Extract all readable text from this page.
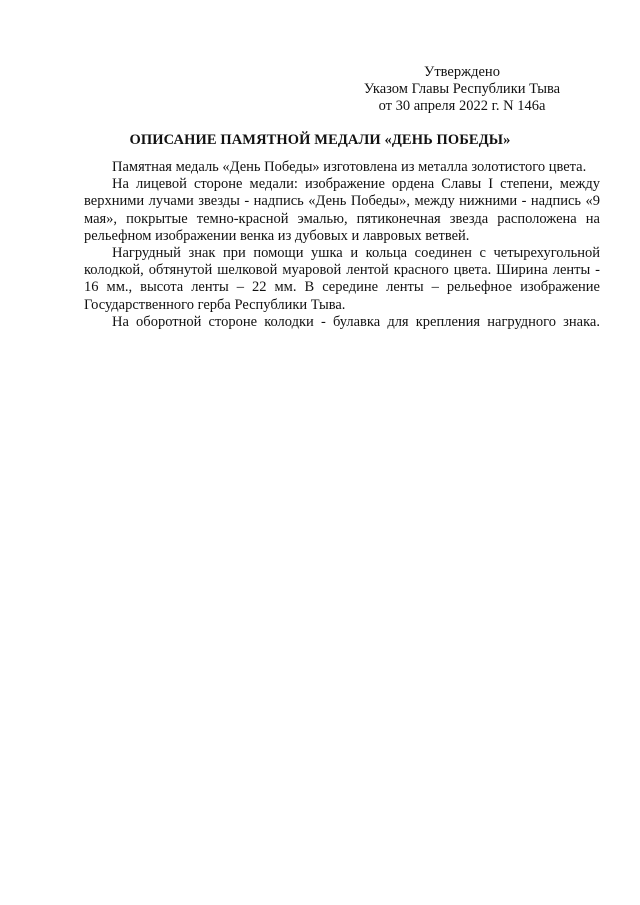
Утверждено
Указом Главы Республики Тыва
от 30 апреля 2022 г. N 146а
ОПИСАНИЕ ПАМЯТНОЙ МЕДАЛИ «ДЕНЬ ПОБЕДЫ»

Памятная медаль «День Победы» изготовлена из металла золотистого цвета.

На лицевой стороне медали: изображение ордена Славы I степени, между верхними лучами звезды - надпись «День Победы», между нижними - надпись «9 мая», покрытые темно-красной эмалью, пятиконечная звезда расположена на рельефном изображении венка из дубовых и лавровых ветвей.

Нагрудный знак при помощи ушка и кольца соединен с четырехугольной колодкой, обтянутой шелковой муаровой лентой красного цвета. Ширина ленты - 16 мм., высота ленты – 22 мм. В середине ленты – рельефное изображение Государственного герба Республики Тыва.

На оборотной стороне колодки - булавка для крепления нагрудного знака.
